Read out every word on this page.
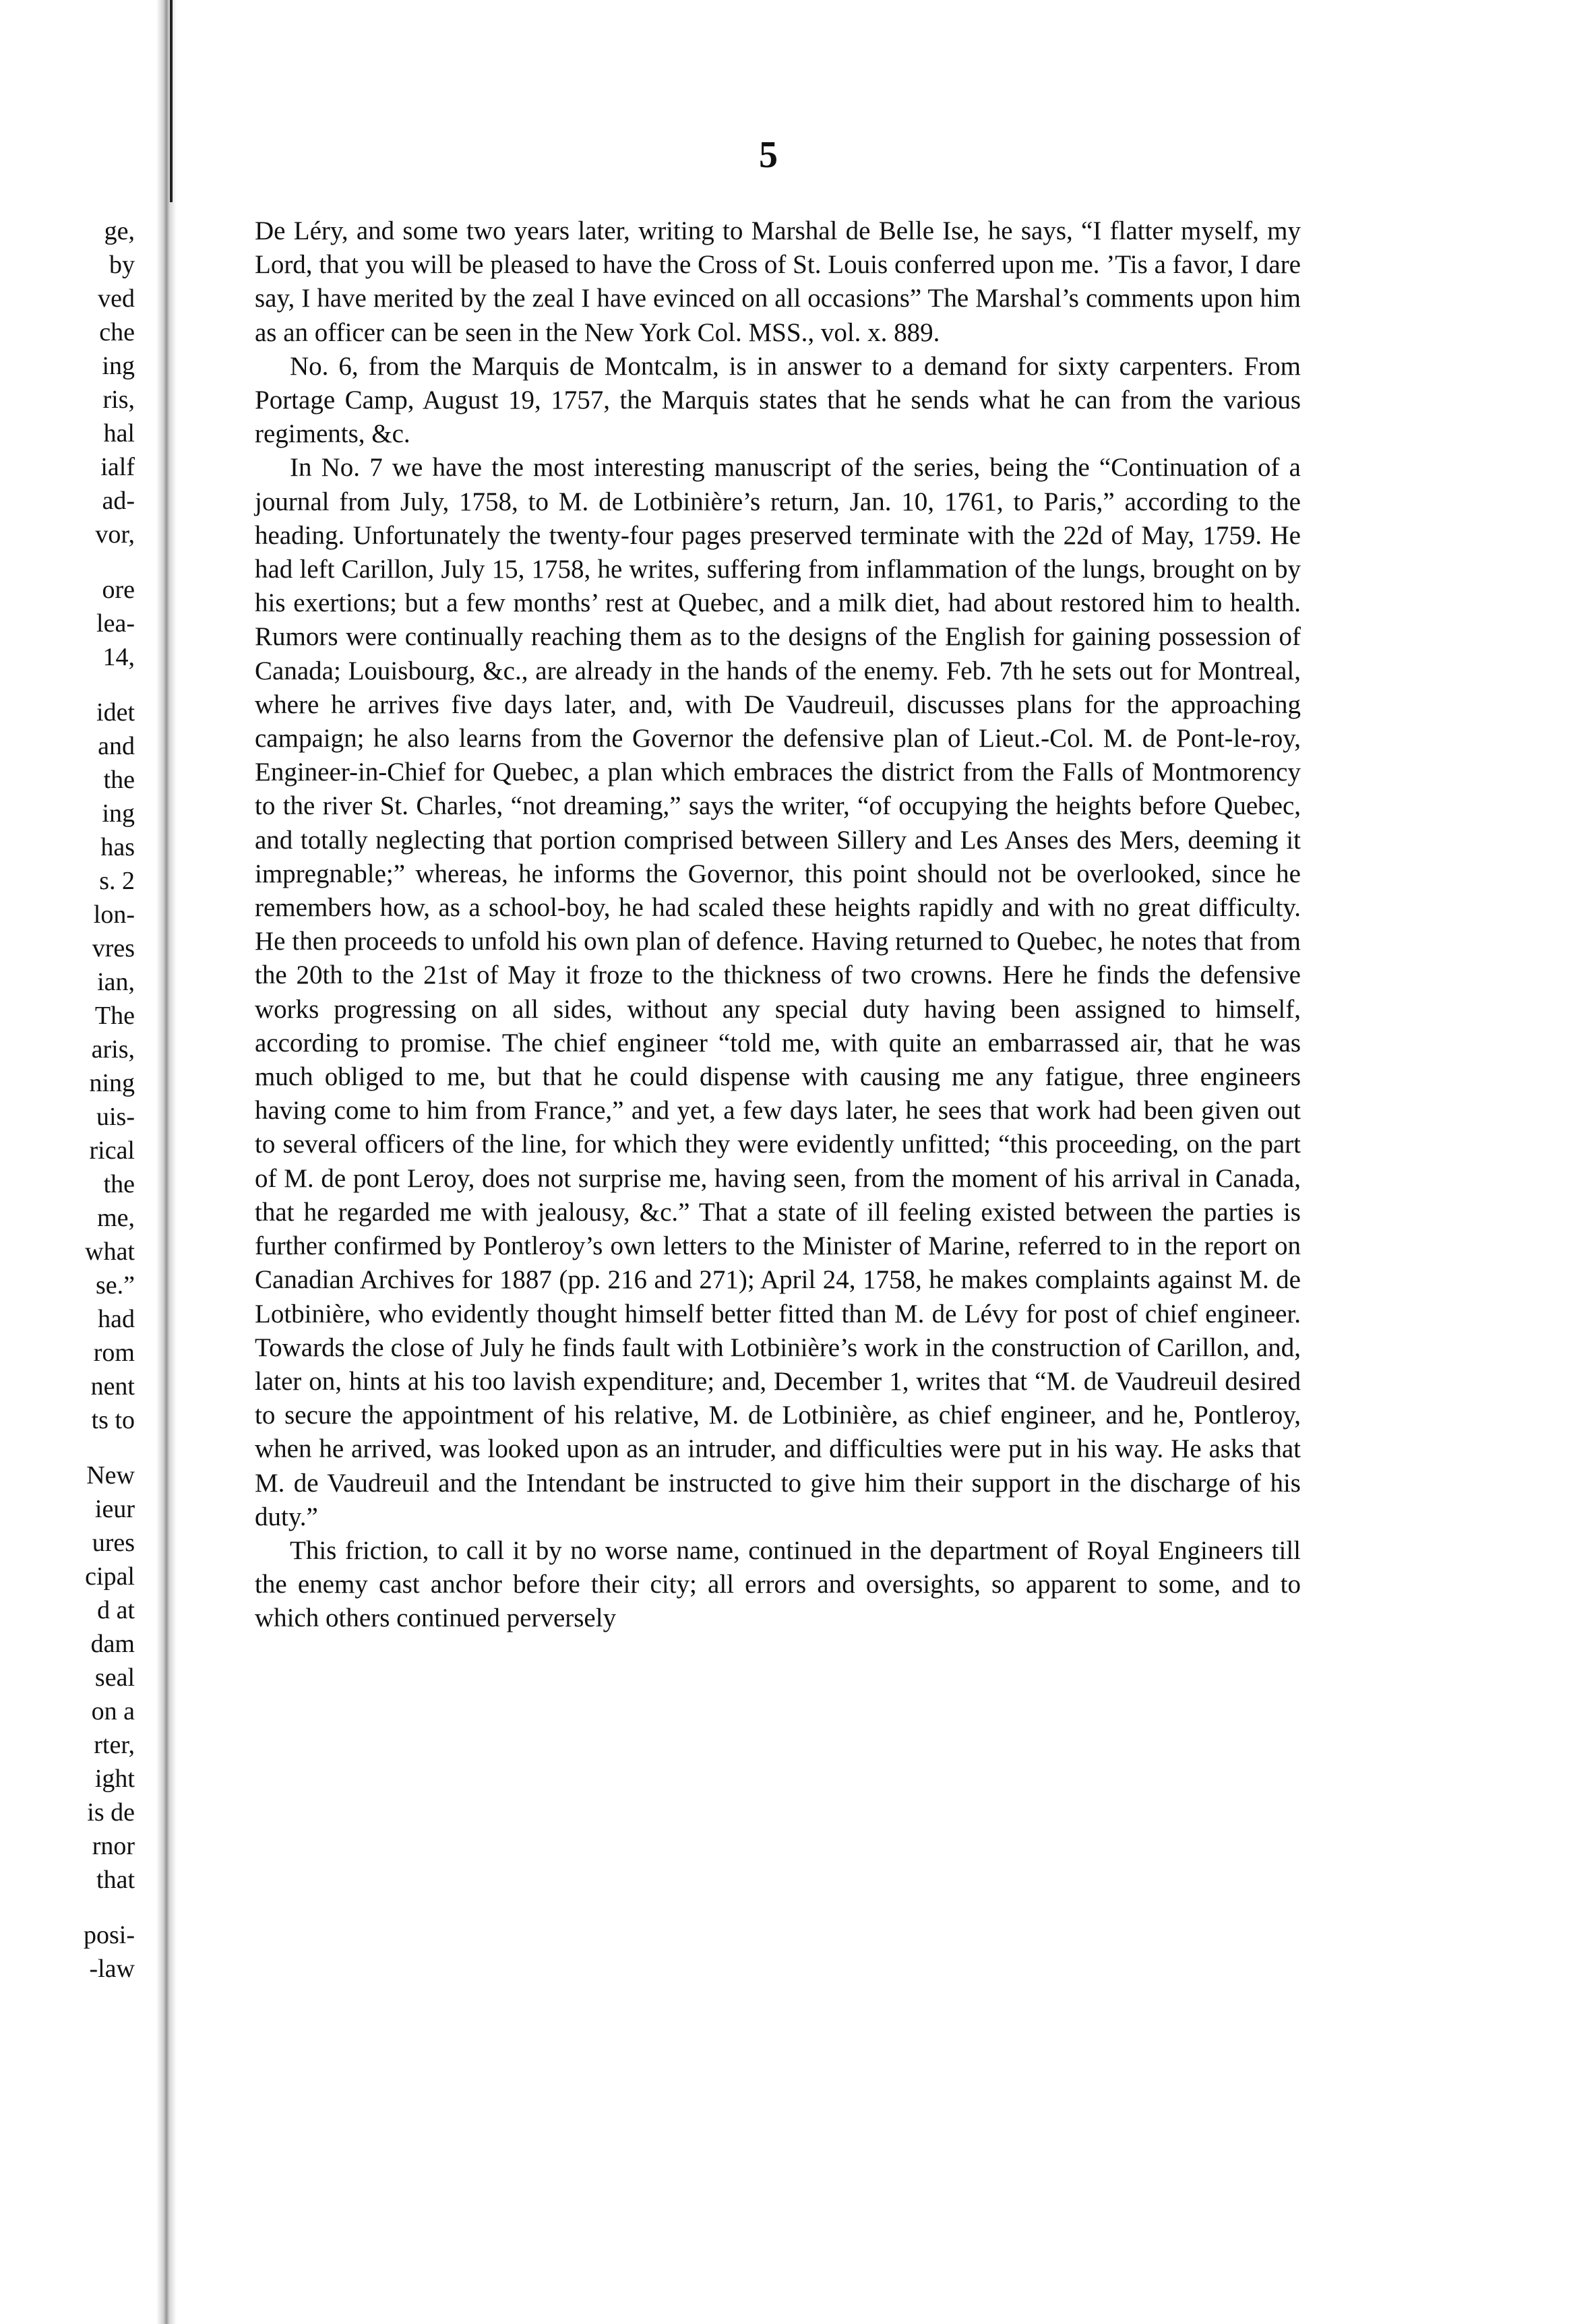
5
ge,
by
ved
che
ing
ris,
hal
ialf
ad-
vor,
ore
lea-
14,
idet
and
the
ing
has
s. 2
lon-
vres
ian,
The
aris,
ning
uis-
rical
the
me,
what
se.”
had
rom
nent
ts to
New
ieur
ures
cipal
d at
dam
seal
on a
rter,
ight
is de
rnor
that
posi-
-law

De Léry, and some two years later, writing to Marshal de Belle Ise, he says, “I flatter myself, my Lord, that you will be pleased to have the Cross of St. Louis conferred upon me. ’Tis a favor, I dare say, I have merited by the zeal I have evinced on all occasions” The Marshal’s comments upon him as an officer can be seen in the New York Col. MSS., vol. x. 889.

No. 6, from the Marquis de Montcalm, is in answer to a demand for sixty carpenters. From Portage Camp, August 19, 1757, the Marquis states that he sends what he can from the various regiments, &c.

In No. 7 we have the most interesting manuscript of the series, being the “Continuation of a journal from July, 1758, to M. de Lotbinière’s return, Jan. 10, 1761, to Paris,” according to the heading. Unfortunately the twenty-four pages preserved terminate with the 22d of May, 1759. He had left Carillon, July 15, 1758, he writes, suffering from inflammation of the lungs, brought on by his exertions; but a few months’ rest at Quebec, and a milk diet, had about restored him to health. Rumors were continually reaching them as to the designs of the English for gaining possession of Canada; Louisbourg, &c., are already in the hands of the enemy. Feb. 7th he sets out for Montreal, where he arrives five days later, and, with De Vaudreuil, discusses plans for the approaching campaign; he also learns from the Governor the defensive plan of Lieut.-Col. M. de Pont-le-roy, Engineer-in-Chief for Quebec, a plan which embraces the district from the Falls of Montmorency to the river St. Charles, “not dreaming,” says the writer, “of occupying the heights before Quebec, and totally neglecting that portion comprised between Sillery and Les Anses des Mers, deeming it impregnable;” whereas, he informs the Governor, this point should not be overlooked, since he remembers how, as a school-boy, he had scaled these heights rapidly and with no great difficulty. He then proceeds to unfold his own plan of defence. Having returned to Quebec, he notes that from the 20th to the 21st of May it froze to the thickness of two crowns. Here he finds the defensive works progressing on all sides, without any special duty having been assigned to himself, according to promise. The chief engineer “told me, with quite an embarrassed air, that he was much obliged to me, but that he could dispense with causing me any fatigue, three engineers having come to him from France,” and yet, a few days later, he sees that work had been given out to several officers of the line, for which they were evidently unfitted; “this proceeding, on the part of M. de pont Leroy, does not surprise me, having seen, from the moment of his arrival in Canada, that he regarded me with jealousy, &c.” That a state of ill feeling existed between the parties is further confirmed by Pontleroy’s own letters to the Minister of Marine, referred to in the report on Canadian Archives for 1887 (pp. 216 and 271); April 24, 1758, he makes complaints against M. de Lotbinière, who evidently thought himself better fitted than M. de Lévy for post of chief engineer. Towards the close of July he finds fault with Lotbinière’s work in the construction of Carillon, and, later on, hints at his too lavish expenditure; and, December 1, writes that “M. de Vaudreuil desired to secure the appointment of his relative, M. de Lotbinière, as chief engineer, and he, Pontleroy, when he arrived, was looked upon as an intruder, and difficulties were put in his way. He asks that M. de Vaudreuil and the Intendant be instructed to give him their support in the discharge of his duty.”

This friction, to call it by no worse name, continued in the department of Royal Engineers till the enemy cast anchor before their city; all errors and oversights, so apparent to some, and to which others continued perversely
